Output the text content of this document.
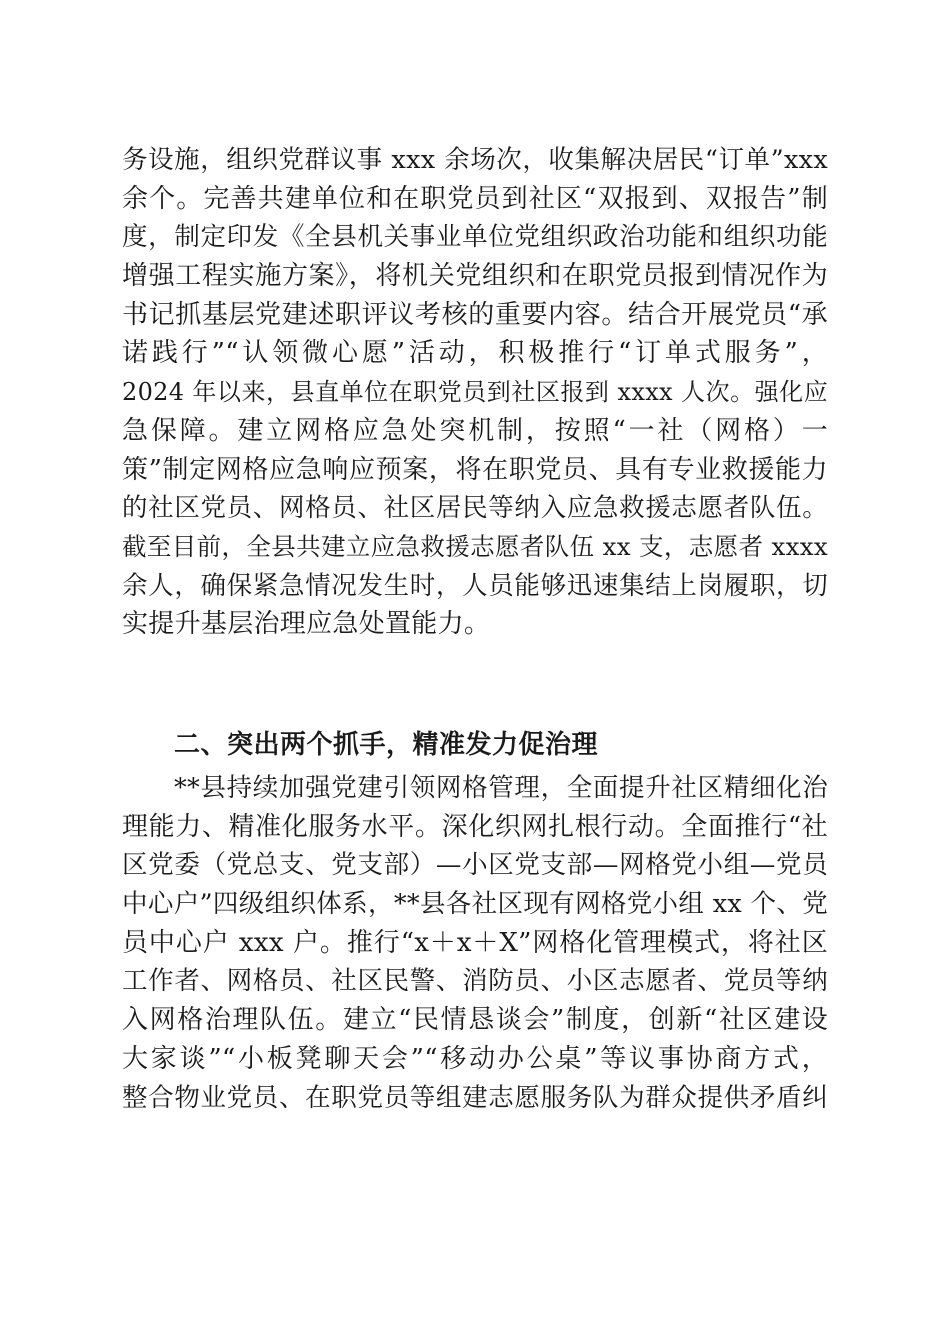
务设施，组织党群议事 xxx 余场次，收集解决居民“订单”xxx
余个。完善共建单位和在职党员到社区“双报到、双报告”制
度，制定印发《全县机关事业单位党组织政治功能和组织功能
增强工程实施方案》，将机关党组织和在职党员报到情况作为
书记抓基层党建述职评议考核的重要内容。结合开展党员“承
诺践行”“认领微心愿”活动，积极推行“订单式服务”，
2024 年以来，县直单位在职党员到社区报到 xxxx 人次。强化应
急保障。建立网格应急处突机制，按照“一社（网格）一
策”制定网格应急响应预案，将在职党员、具有专业救援能力
的社区党员、网格员、社区居民等纳入应急救援志愿者队伍。
截至目前，全县共建立应急救援志愿者队伍 xx 支，志愿者 xxxx
余人，确保紧急情况发生时，人员能够迅速集结上岗履职，切
实提升基层治理应急处置能力。
二、突出两个抓手，精准发力促治理
**县持续加强党建引领网格管理，全面提升社区精细化治
理能力、精准化服务水平。深化织网扎根行动。全面推行“社
区党委（党总支、党支部）—小区党支部—网格党小组—党员
中心户”四级组织体系，**县各社区现有网格党小组 xx 个、党
员中心户 xxx 户。推行“x＋x＋X”网格化管理模式，将社区
工作者、网格员、社区民警、消防员、小区志愿者、党员等纳
入网格治理队伍。建立“民情恳谈会”制度，创新“社区建设
大家谈”“小板凳聊天会”“移动办公桌”等议事协商方式，
整合物业党员、在职党员等组建志愿服务队为群众提供矛盾纠
